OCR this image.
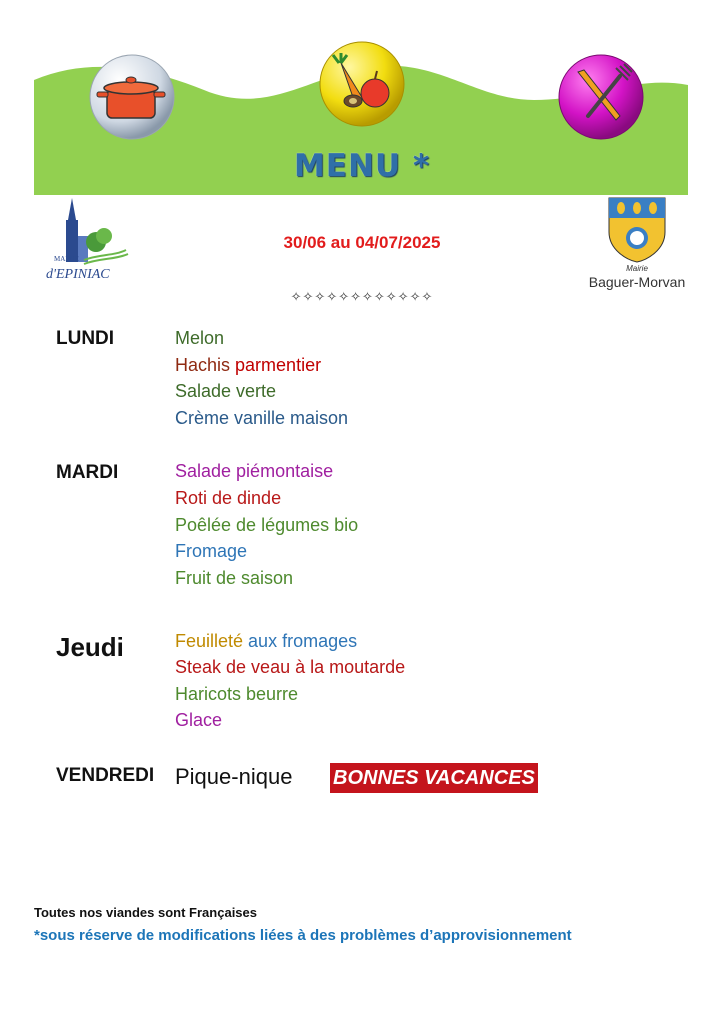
MENU *
MAIRIE
d'EPINIAC
30/06 au 04/07/2025
Mairie
Baguer-Morvan
✧✧✧✧✧✧✧✧✧✧✧✧
LUNDI	Melon
Hachis parmentier
Salade verte
Crème vanille maison
MARDI	Salade piémontaise
Roti de dinde
Poêlée de légumes bio
Fromage
Fruit de saison
Jeudi	Feuilleté aux fromages
Steak de veau à la moutarde
Haricots beurre
Glace
VENDREDI Pique-nique BONNES VACANCES
Toutes nos viandes sont Françaises
*sous réserve de modifications liées à des problèmes d’approvisionnement
